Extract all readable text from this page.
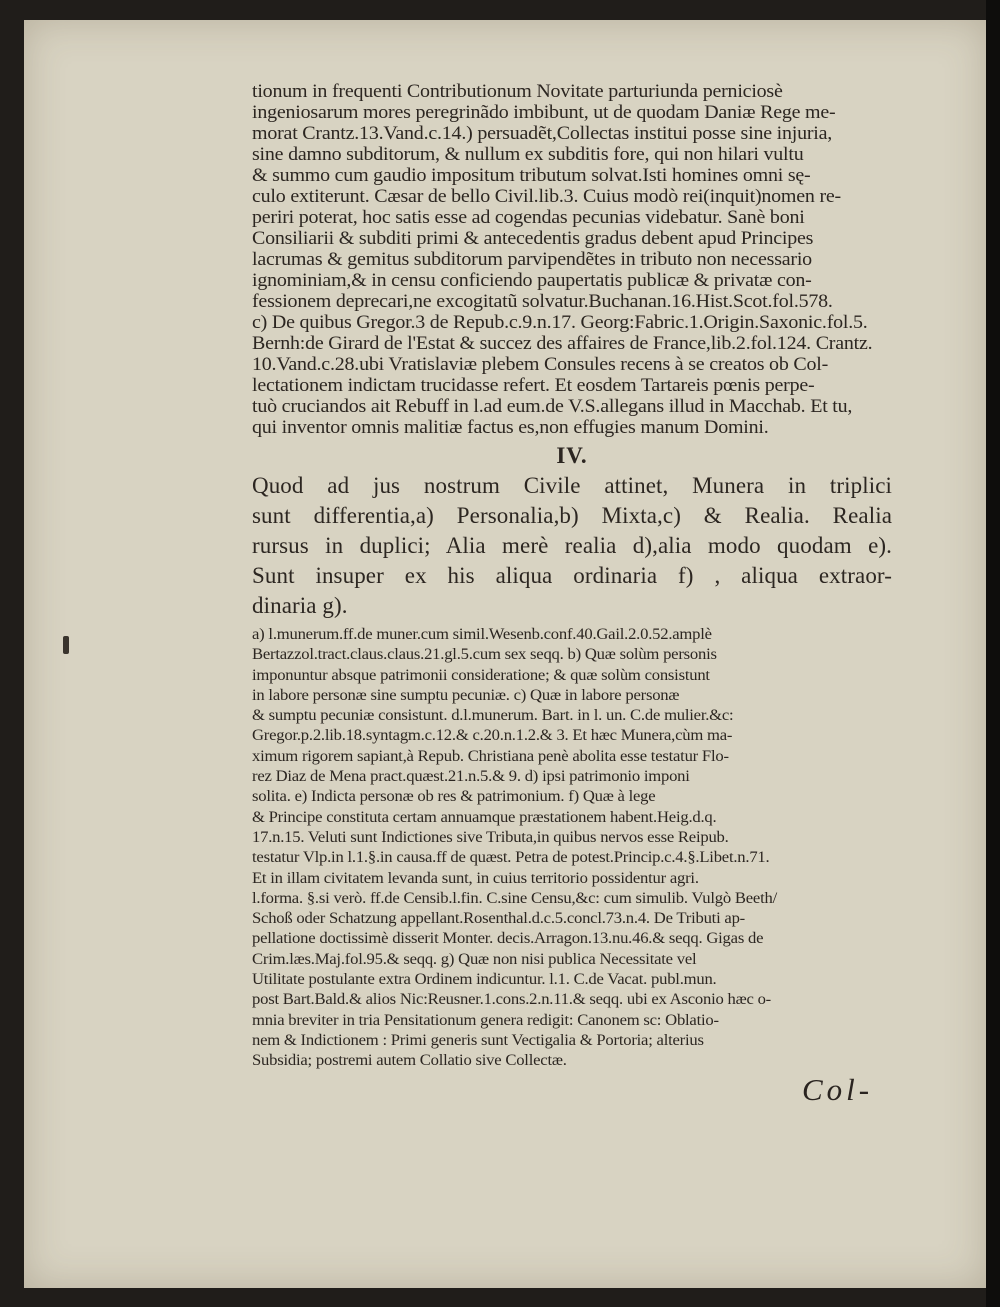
tionum in frequenti Contributionum Novitate parturiunda perniciosè
ingeniosarum mores peregrinãdo imbibunt, ut de quodam Daniæ Rege me-
morat Crantz.13.Vand.c.14.) persuadẽt,Collectas institui posse sine injuria,
sine damno subditorum, & nullum ex subditis fore, qui non hilari vultu
& summo cum gaudio impositum tributum solvat.Isti homines omni sę-
culo extiterunt. Cæsar de bello Civil.lib.3. Cuius modò rei(inquit)nomen re-
periri poterat, hoc satis esse ad cogendas pecunias videbatur. Sanè boni
Consiliarii & subditi primi & antecedentis gradus debent apud Principes
lacrumas & gemitus subditorum parvipendẽtes in tributo non necessario
ignominiam,& in censu conficiendo paupertatis publicæ & privatæ con-
fessionem deprecari,ne excogitatũ solvatur.Buchanan.16.Hist.Scot.fol.578.
c) De quibus Gregor.3 de Repub.c.9.n.17. Georg:Fabric.1.Origin.Saxonic.fol.5.
Bernh:de Girard de l'Estat & succez des affaires de France,lib.2.fol.124. Crantz.
10.Vand.c.28.ubi Vratislaviæ plebem Consules recens à se creatos ob Col-
lectationem indictam trucidasse refert. Et eosdem Tartareis pœnis perpe-
tuò cruciandos ait Rebuff in l.ad eum.de V.S.allegans illud in Macchab. Et tu,
qui inventor omnis malitiæ factus es,non effugies manum Domini.
IV.
Quod ad jus nostrum Civile attinet, Munera in triplici
sunt differentia,a) Personalia,b) Mixta,c) & Realia. Realia
rursus in duplici; Alia merè realia d),alia modo quodam e).
Sunt insuper ex his aliqua ordinaria f) , aliqua extraor-
dinaria g).
a) l.munerum.ff.de muner.cum simil.Wesenb.conf.40.Gail.2.0.52.amplè
Bertazzol.tract.claus.claus.21.gl.5.cum sex seqq. b) Quæ solùm personis
imponuntur absque patrimonii consideratione; & quæ solùm consistunt
in labore personæ sine sumptu pecuniæ. c) Quæ in labore personæ
& sumptu pecuniæ consistunt. d.l.munerum. Bart. in l. un. C.de mulier.&c:
Gregor.p.2.lib.18.syntagm.c.12.& c.20.n.1.2.& 3. Et hæc Munera,cùm ma-
ximum rigorem sapiant,à Repub. Christiana penè abolita esse testatur Flo-
rez Diaz de Mena pract.quæst.21.n.5.& 9. d) ipsi patrimonio imponi
solita. e) Indicta personæ ob res & patrimonium. f) Quæ à lege
& Principe constituta certam annuamque præstationem habent.Heig.d.q.
17.n.15. Veluti sunt Indictiones sive Tributa,in quibus nervos esse Reipub.
testatur Vlp.in l.1.§.in causa.ff de quæst. Petra de potest.Princip.c.4.§.Libet.n.71.
Et in illam civitatem levanda sunt, in cuius territorio possidentur agri.
l.forma. §.si verò. ff.de Censib.l.fin. C.sine Censu,&c: cum simulib. Vulgò Beeth/
Schoß oder Schatzung appellant.Rosenthal.d.c.5.concl.73.n.4. De Tributi ap-
pellatione doctissimè disserit Monter. decis.Arragon.13.nu.46.& seqq. Gigas de
Crim.læs.Maj.fol.95.& seqq. g) Quæ non nisi publica Necessitate vel
Utilitate postulante extra Ordinem indicuntur. l.1. C.de Vacat. publ.mun.
post Bart.Bald.& alios Nic:Reusner.1.cons.2.n.11.& seqq. ubi ex Asconio hæc o-
mnia breviter in tria Pensitationum genera redigit: Canonem sc: Oblatio-
nem & Indictionem : Primi generis sunt Vectigalia & Portoria; alterius
Subsidia; postremi autem Collatio sive Collectæ.
Col-
